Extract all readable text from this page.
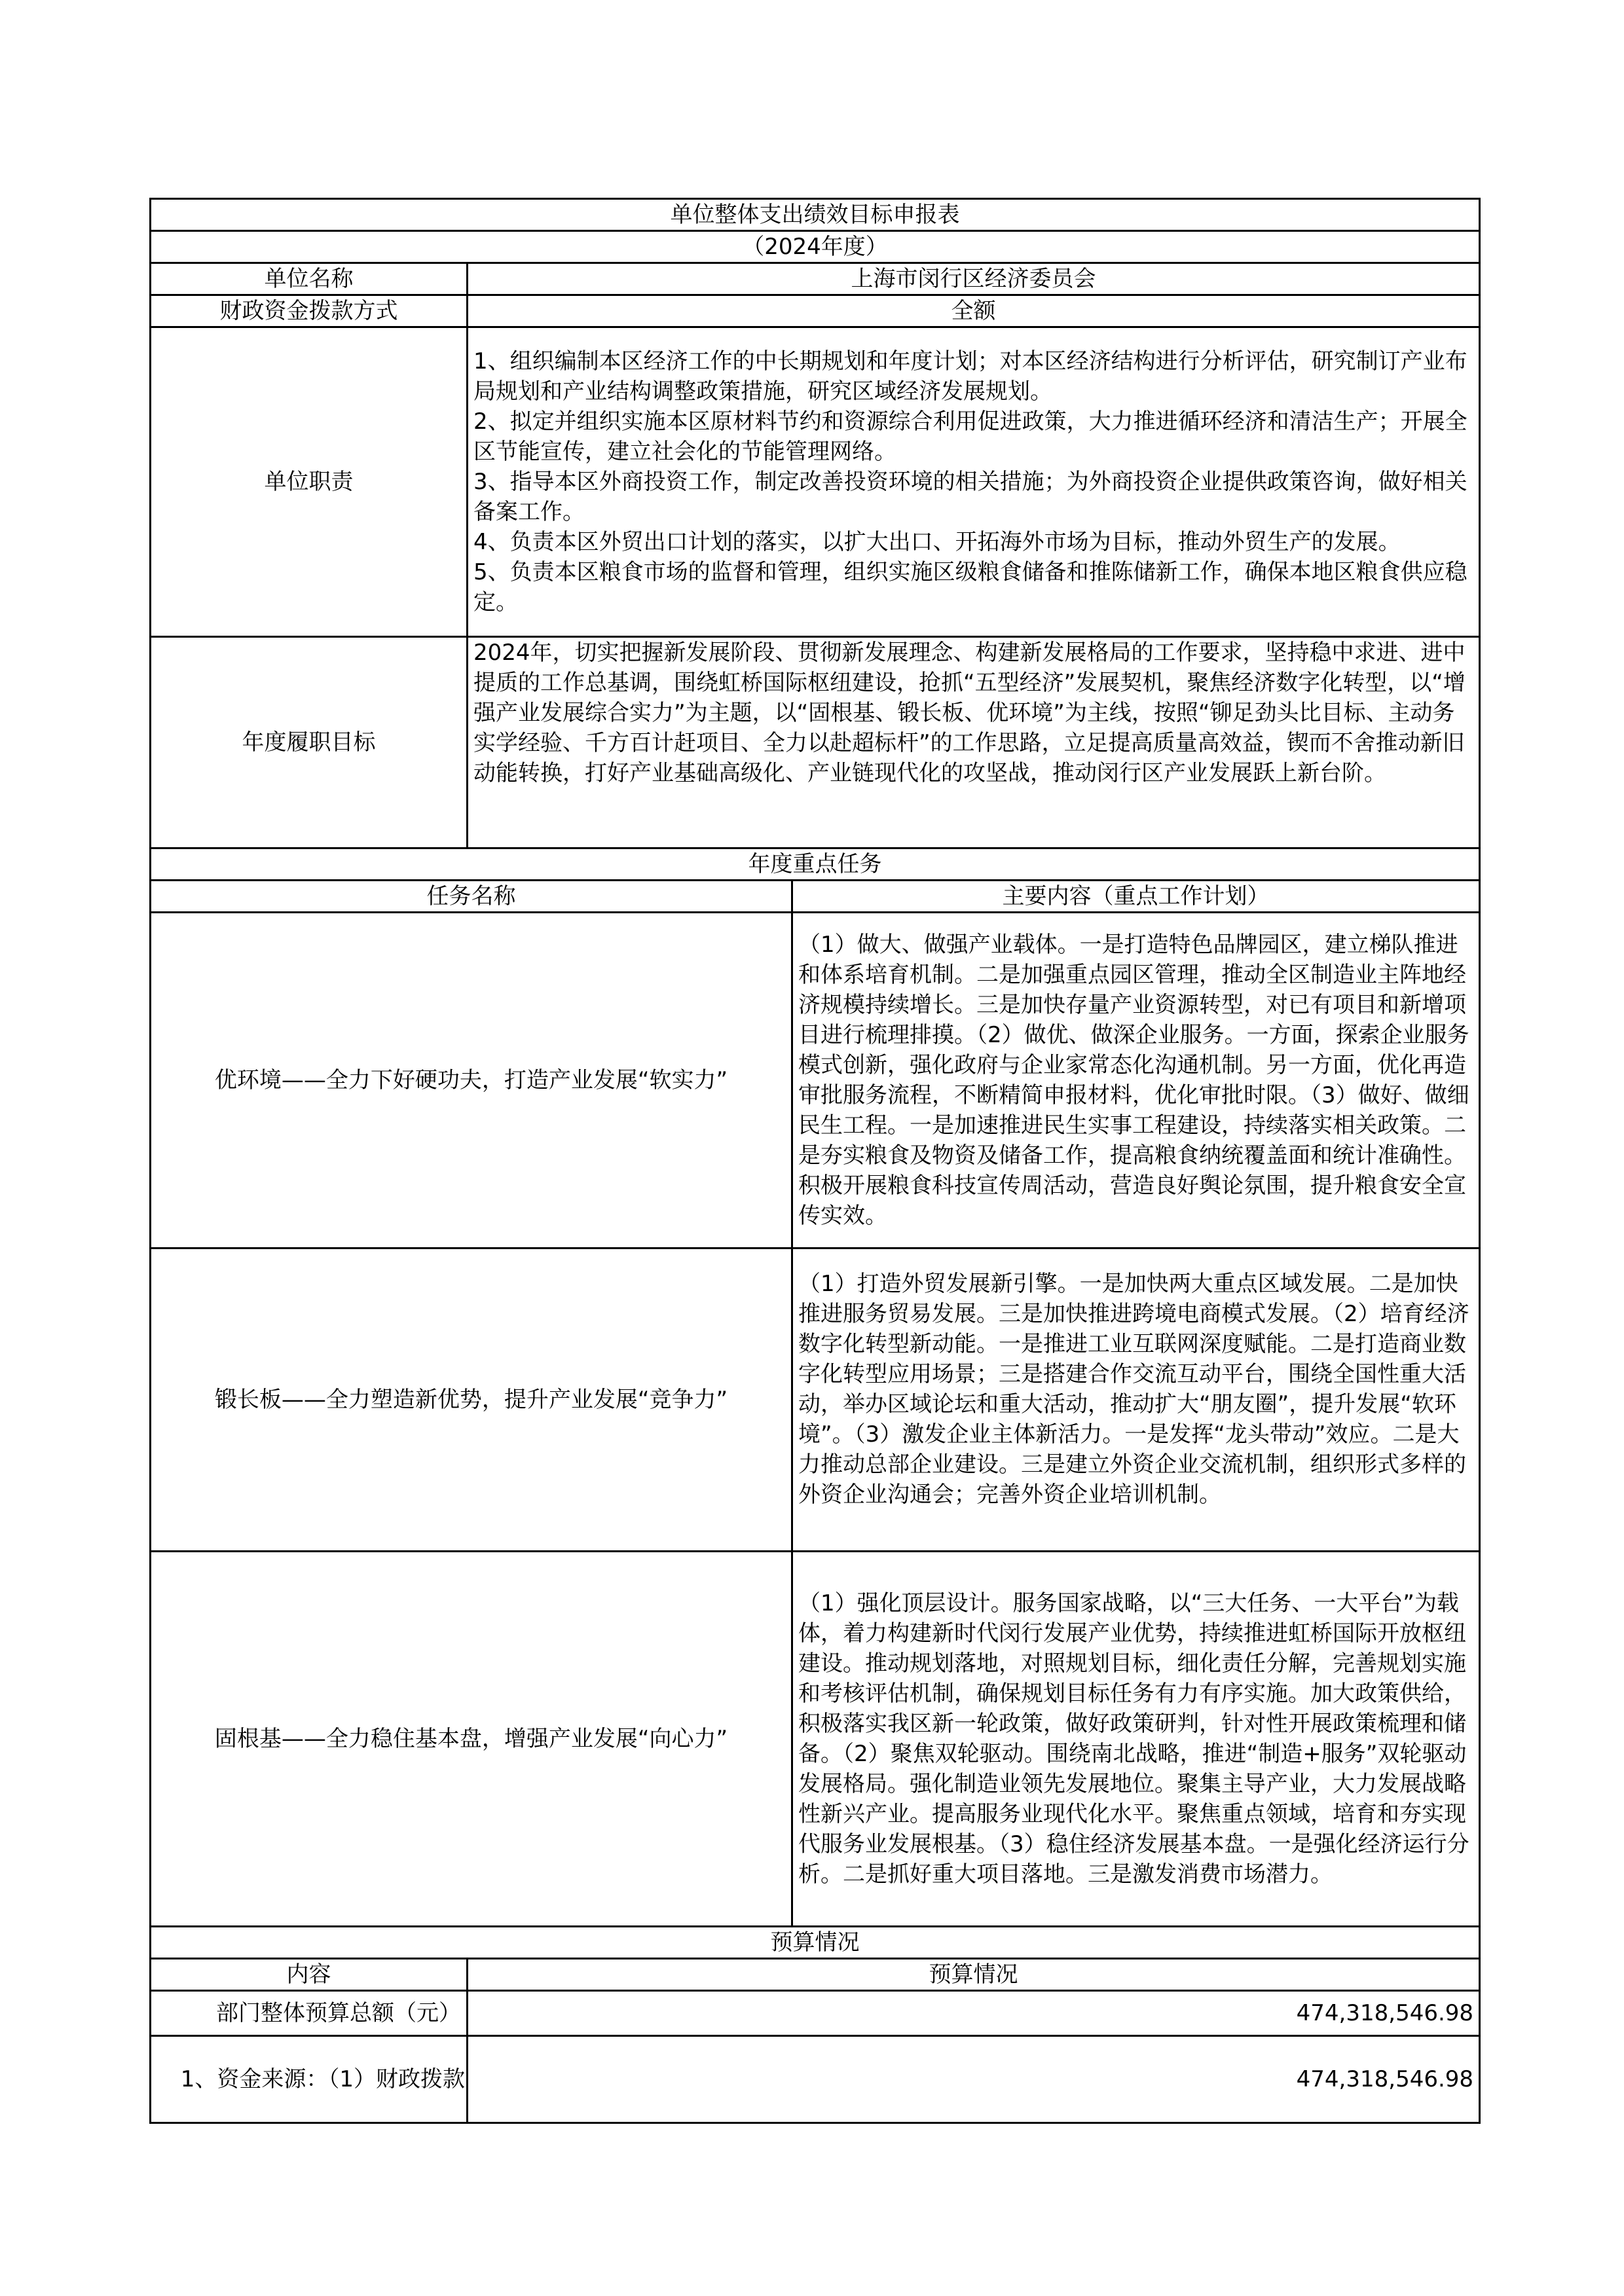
单位整体支出绩效目标申报表		
（2024年度）		
单位名称	上海市闵行区经济委员会	
财政资金拨款方式	全额	
单位职责	1、组织编制本区经济工作的中长期规划和年度计划；对本区经济结构进行分析评估，研究制订产业布局规划和产业结构调整政策措施，研究区域经济发展规划。

2、拟定并组织实施本区原材料节约和资源综合利用促进政策，大力推进循环经济和清洁生产；开展全区节能宣传，建立社会化的节能管理网络。

3、指导本区外商投资工作，制定改善投资环境的相关措施；为外商投资企业提供政策咨询，做好相关备案工作。

4、负责本区外贸出口计划的落实，以扩大出口、开拓海外市场为目标，推动外贸生产的发展。

5、负责本区粮食市场的监督和管理，组织实施区级粮食储备和推陈储新工作，确保本地区粮食供应稳定。	

年度履职目标	2024年，切实把握新发展阶段、贯彻新发展理念、构建新发展格局的工作要求，坚持稳中求进、进中提质的工作总基调，围绕虹桥国际枢纽建设，抢抓“五型经济”发展契机，聚焦经济数字化转型，以“增强产业发展综合实力”为主题，以“固根基、锻长板、优环境”为主线，按照“铆足劲头比目标、主动务实学经验、千方百计赶项目、全力以赴超标杆”的工作思路，立足提高质量高效益，锲而不舍推动新旧动能转换，打好产业基础高级化、产业链现代化的攻坚战，推动闵行区产业发展跃上新台阶。	
年度重点任务		
任务名称		主要内容（重点工作计划）
优环境——全力下好硬功夫，打造产业发展“软实力”		（1）做大、做强产业载体。一是打造特色品牌园区，建立梯队推进和体系培育机制。二是加强重点园区管理，推动全区制造业主阵地经济规模持续增长。三是加快存量产业资源转型，对已有项目和新增项目进行梳理排摸。（2）做优、做深企业服务。一方面，探索企业服务模式创新，强化政府与企业家常态化沟通机制。另一方面，优化再造审批服务流程，不断精简申报材料，优化审批时限。（3）做好、做细民生工程。一是加速推进民生实事工程建设，持续落实相关政策。二是夯实粮食及物资及储备工作，提高粮食纳统覆盖面和统计准确性。积极开展粮食科技宣传周活动，营造良好舆论氛围，提升粮食安全宣传实效。
锻长板——全力塑造新优势，提升产业发展“竞争力”		（1）打造外贸发展新引擎。一是加快两大重点区域发展。二是加快推进服务贸易发展。三是加快推进跨境电商模式发展。（2）培育经济数字化转型新动能。一是推进工业互联网深度赋能。二是打造商业数字化转型应用场景；三是搭建合作交流互动平台，围绕全国性重大活动，举办区域论坛和重大活动，推动扩大“朋友圈”，提升发展“软环境”。（3）激发企业主体新活力。一是发挥“龙头带动”效应。二是大力推动总部企业建设。三是建立外资企业交流机制，组织形式多样的外资企业沟通会；完善外资企业培训机制。
固根基——全力稳住基本盘，增强产业发展“向心力”		（1）强化顶层设计。服务国家战略，以“三大任务、一大平台”为载体，着力构建新时代闵行发展产业优势，持续推进虹桥国际开放枢纽建设。推动规划落地，对照规划目标，细化责任分解，完善规划实施和考核评估机制，确保规划目标任务有力有序实施。加大政策供给，积极落实我区新一轮政策，做好政策研判，针对性开展政策梳理和储备。（2）聚焦双轮驱动。围绕南北战略，推进“制造+服务”双轮驱动发展格局。强化制造业领先发展地位。聚集主导产业，大力发展战略性新兴产业。提高服务业现代化水平。聚焦重点领域，培育和夯实现代服务业发展根基。（3）稳住经济发展基本盘。一是强化经济运行分析。二是抓好重大项目落地。三是激发消费市场潜力。
预算情况		
内容	预算情况	
部门整体预算总额（元）	474,318,546.98	
1、资金来源：（1）财政拨款	474,318,546.98	
